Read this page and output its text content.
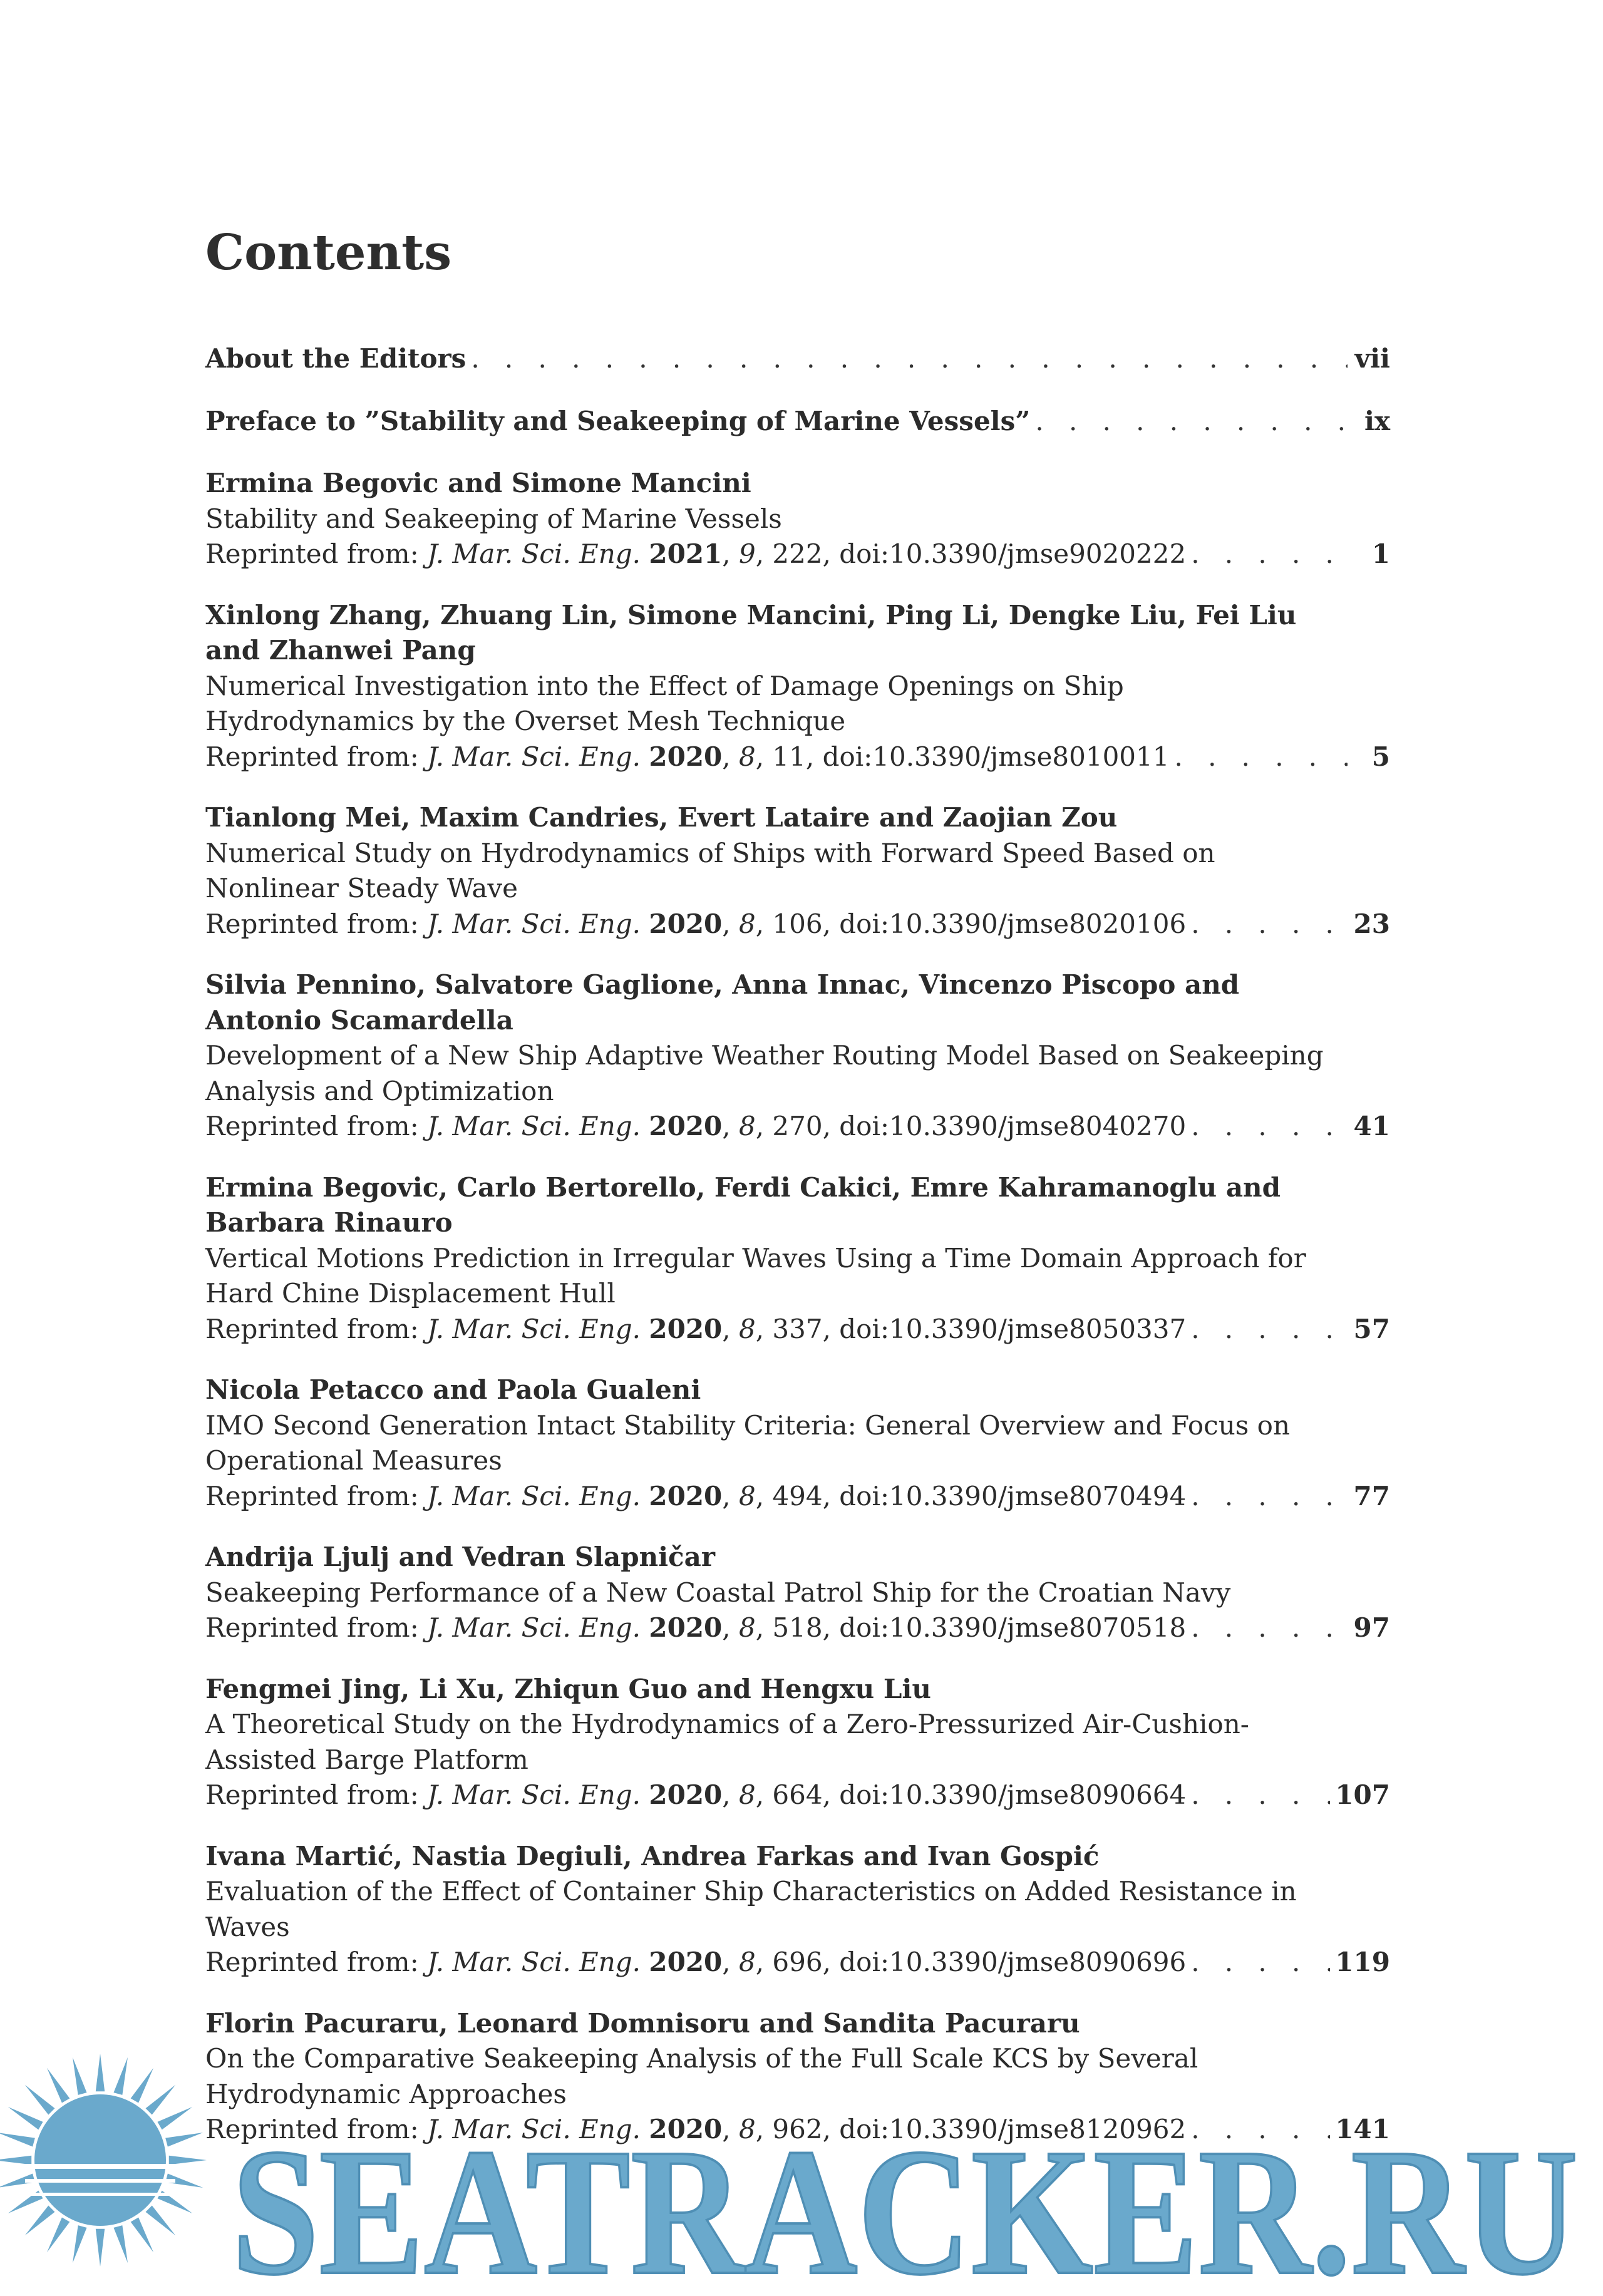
Contents
About the Editors . . .	vii
Preface to ”Stability and Seakeeping of Marine Vessels” . . .	ix
Ermina Begovic and Simone Mancini
Stability and Seakeeping of Marine Vessels
Reprinted from: J. Mar. Sci. Eng. 2021, 9, 222, doi:10.3390/jmse9020222 . . .	1
Xinlong Zhang, Zhuang Lin, Simone Mancini, Ping Li, Dengke Liu, Fei Liu and Zhanwei Pang
Numerical Investigation into the Effect of Damage Openings on Ship Hydrodynamics by the Overset Mesh Technique
Reprinted from: J. Mar. Sci. Eng. 2020, 8, 11, doi:10.3390/jmse8010011 . . .	5
Tianlong Mei, Maxim Candries, Evert Lataire and Zaojian Zou
Numerical Study on Hydrodynamics of Ships with Forward Speed Based on Nonlinear Steady Wave
Reprinted from: J. Mar. Sci. Eng. 2020, 8, 106, doi:10.3390/jmse8020106 . . .	23
Silvia Pennino, Salvatore Gaglione, Anna Innac, Vincenzo Piscopo and Antonio Scamardella
Development of a New Ship Adaptive Weather Routing Model Based on Seakeeping Analysis and Optimization
Reprinted from: J. Mar. Sci. Eng. 2020, 8, 270, doi:10.3390/jmse8040270 . . .	41
Ermina Begovic, Carlo Bertorello, Ferdi Cakici, Emre Kahramanoglu and Barbara Rinauro
Vertical Motions Prediction in Irregular Waves Using a Time Domain Approach for Hard Chine Displacement Hull
Reprinted from: J. Mar. Sci. Eng. 2020, 8, 337, doi:10.3390/jmse8050337 . . .	57
Nicola Petacco and Paola Gualeni
IMO Second Generation Intact Stability Criteria: General Overview and Focus on Operational Measures
Reprinted from: J. Mar. Sci. Eng. 2020, 8, 494, doi:10.3390/jmse8070494 . . .	77
Andrija Ljulj and Vedran Slapničar
Seakeeping Performance of a New Coastal Patrol Ship for the Croatian Navy
Reprinted from: J. Mar. Sci. Eng. 2020, 8, 518, doi:10.3390/jmse8070518 . . .	97
Fengmei Jing, Li Xu, Zhiqun Guo and Hengxu Liu
A Theoretical Study on the Hydrodynamics of a Zero-Pressurized Air-Cushion-Assisted Barge Platform
Reprinted from: J. Mar. Sci. Eng. 2020, 8, 664, doi:10.3390/jmse8090664 . . .	107
Ivana Martić, Nastia Degiuli, Andrea Farkas and Ivan Gospić
Evaluation of the Effect of Container Ship Characteristics on Added Resistance in Waves
Reprinted from: J. Mar. Sci. Eng. 2020, 8, 696, doi:10.3390/jmse8090696 . . .	119
Florin Pacuraru, Leonard Domnisoru and Sandita Pacuraru
On the Comparative Seakeeping Analysis of the Full Scale KCS by Several Hydrodynamic Approaches
Reprinted from: J. Mar. Sci. Eng. 2020, 8, 962, doi:10.3390/jmse8120962 . . .	141
SEATRACKER.RU
